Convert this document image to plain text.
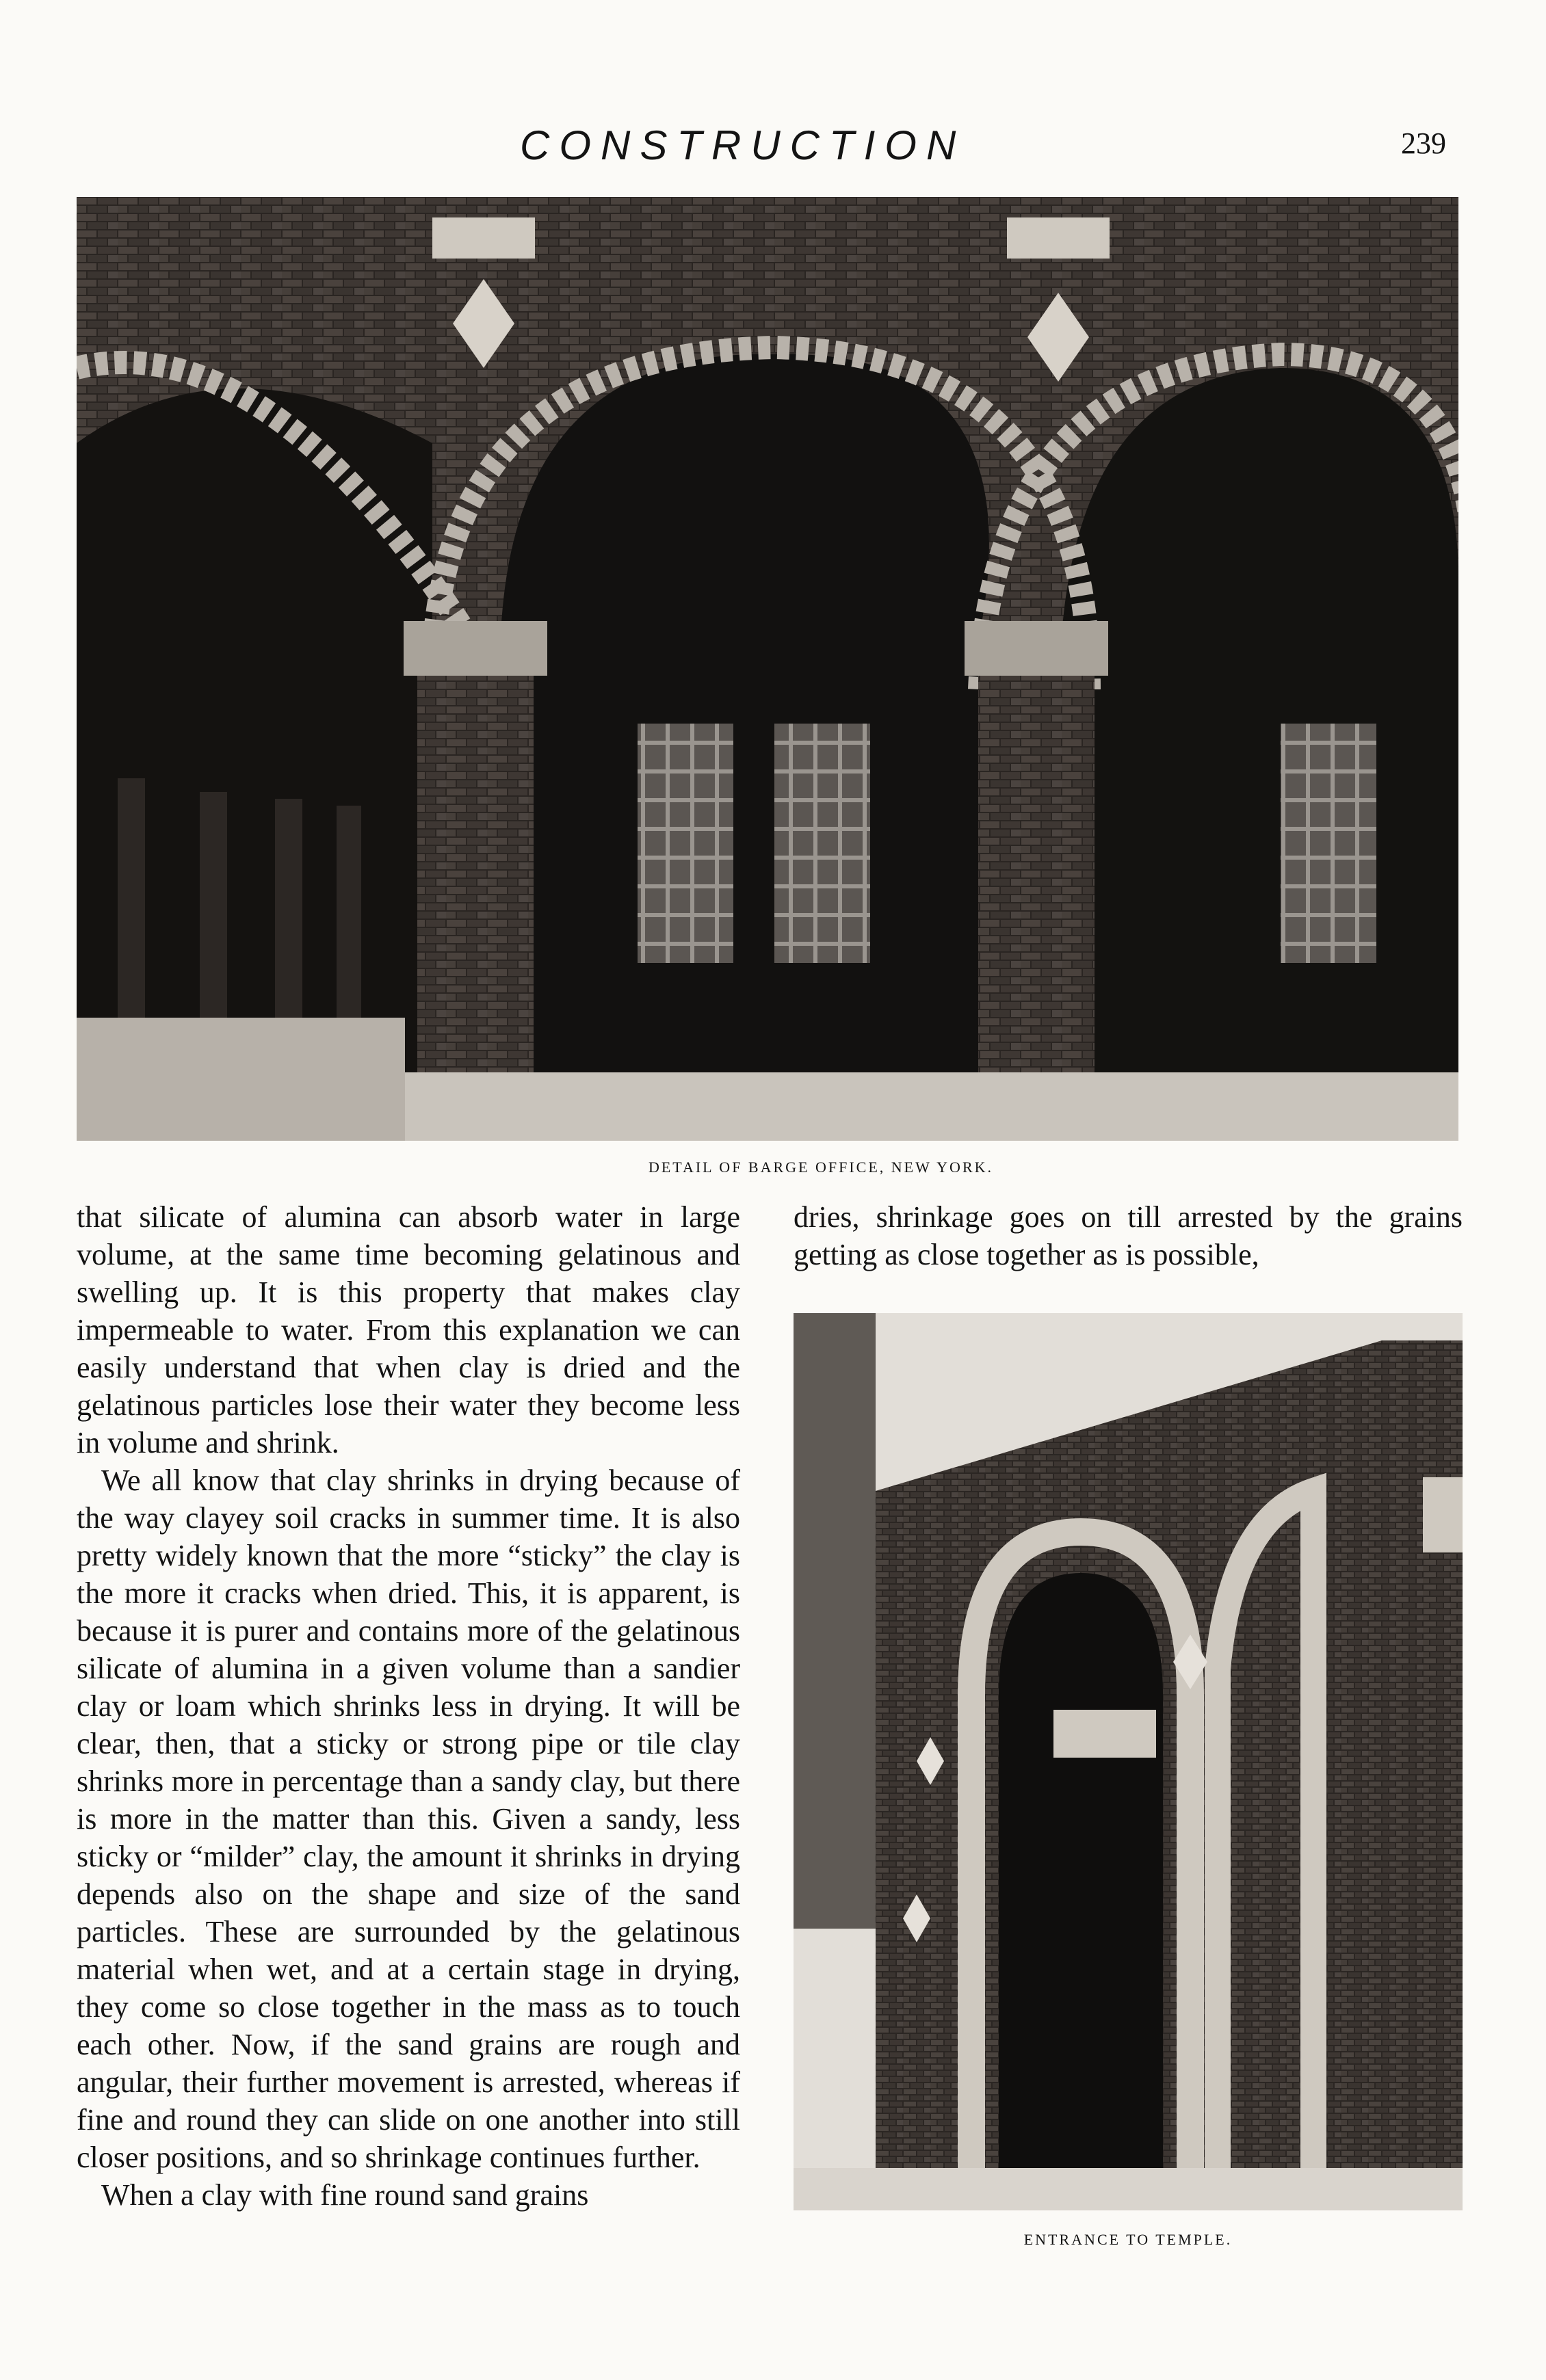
CONSTRUCTION	239
DETAIL OF BARGE OFFICE, NEW YORK.

that silicate of alumina can absorb water in large volume, at the same time becoming gelatinous and swelling up. It is this property that makes clay impermeable to water. From this explanation we can easily understand that when clay is dried and the gelatinous particles lose their water they become less in volume and shrink.

We all know that clay shrinks in drying because of the way clayey soil cracks in summer time. It is also pretty widely known that the more “sticky” the clay is the more it cracks when dried. This, it is apparent, is because it is purer and contains more of the gelatinous silicate of alumina in a given volume than a sandier clay or loam which shrinks less in drying. It will be clear, then, that a sticky or strong pipe or tile clay shrinks more in percentage than a sandy clay, but there is more in the matter than this. Given a sandy, less sticky or “milder” clay, the amount it shrinks in drying depends also on the shape and size of the sand particles. These are surrounded by the gelatinous material when wet, and at a certain stage in drying, they come so close together in the mass as to touch each other. Now, if the sand grains are rough and angular, their further movement is arrested, whereas if fine and round they can slide on one another into still closer positions, and so shrinkage continues further.

When a clay with fine round sand grains

dries, shrinkage goes on till arrested by the grains getting as close together as is possible,

ENTRANCE TO TEMPLE.
